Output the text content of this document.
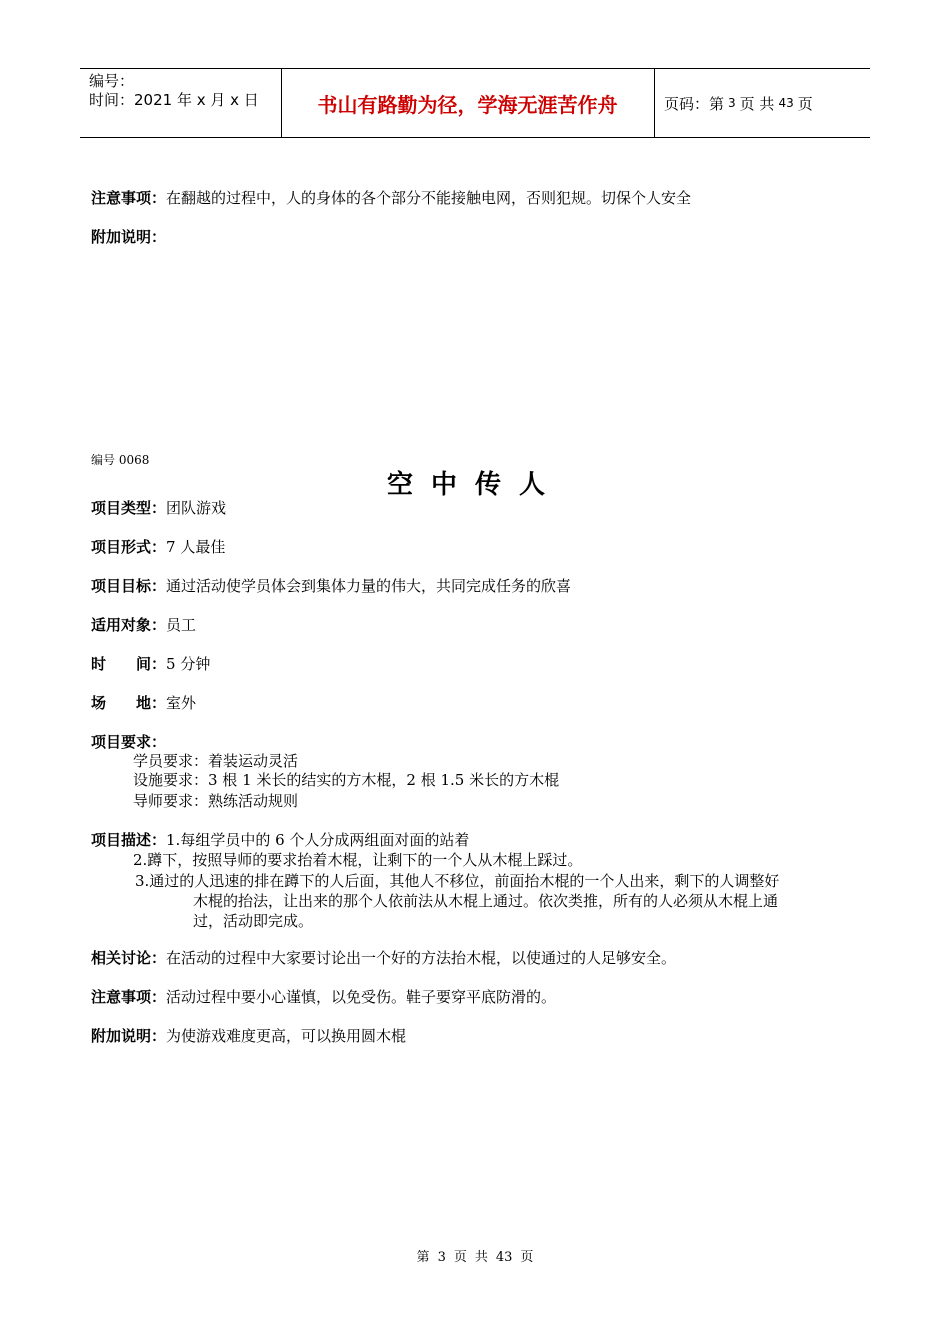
编号：
时间：2021 年 x 月 x 日	书山有路勤为径，学海无涯苦作舟	页码：第 3 页 共 43 页
注意事项：在翻越的过程中，人的身体的各个部分不能接触电网，否则犯规。切保个人安全
附加说明：
编号 0068
空中传人
项目类型：团队游戏
项目形式：7 人最佳
项目目标：通过活动使学员体会到集体力量的伟大，共同完成任务的欣喜
适用对象：员工
时　　间：5 分钟
场　　地：室外
项目要求：
学员要求：着装运动灵活
设施要求：3 根 1 米长的结实的方木棍，2 根 1.5 米长的方木棍
导师要求：熟练活动规则
项目描述：1.每组学员中的 6 个人分成两组面对面的站着
2.蹲下，按照导师的要求抬着木棍，让剩下的一个人从木棍上踩过。
3.通过的人迅速的排在蹲下的人后面，其他人不移位，前面抬木棍的一个人出来，剩下的人调整好
木棍的抬法，让出来的那个人依前法从木棍上通过。依次类推，所有的人必须从木棍上通
过，活动即完成。
相关讨论：在活动的过程中大家要讨论出一个好的方法抬木棍，以使通过的人足够安全。
注意事项：活动过程中要小心谨慎，以免受伤。鞋子要穿平底防滑的。
附加说明：为使游戏难度更高，可以换用圆木棍
第 3 页 共 43 页
